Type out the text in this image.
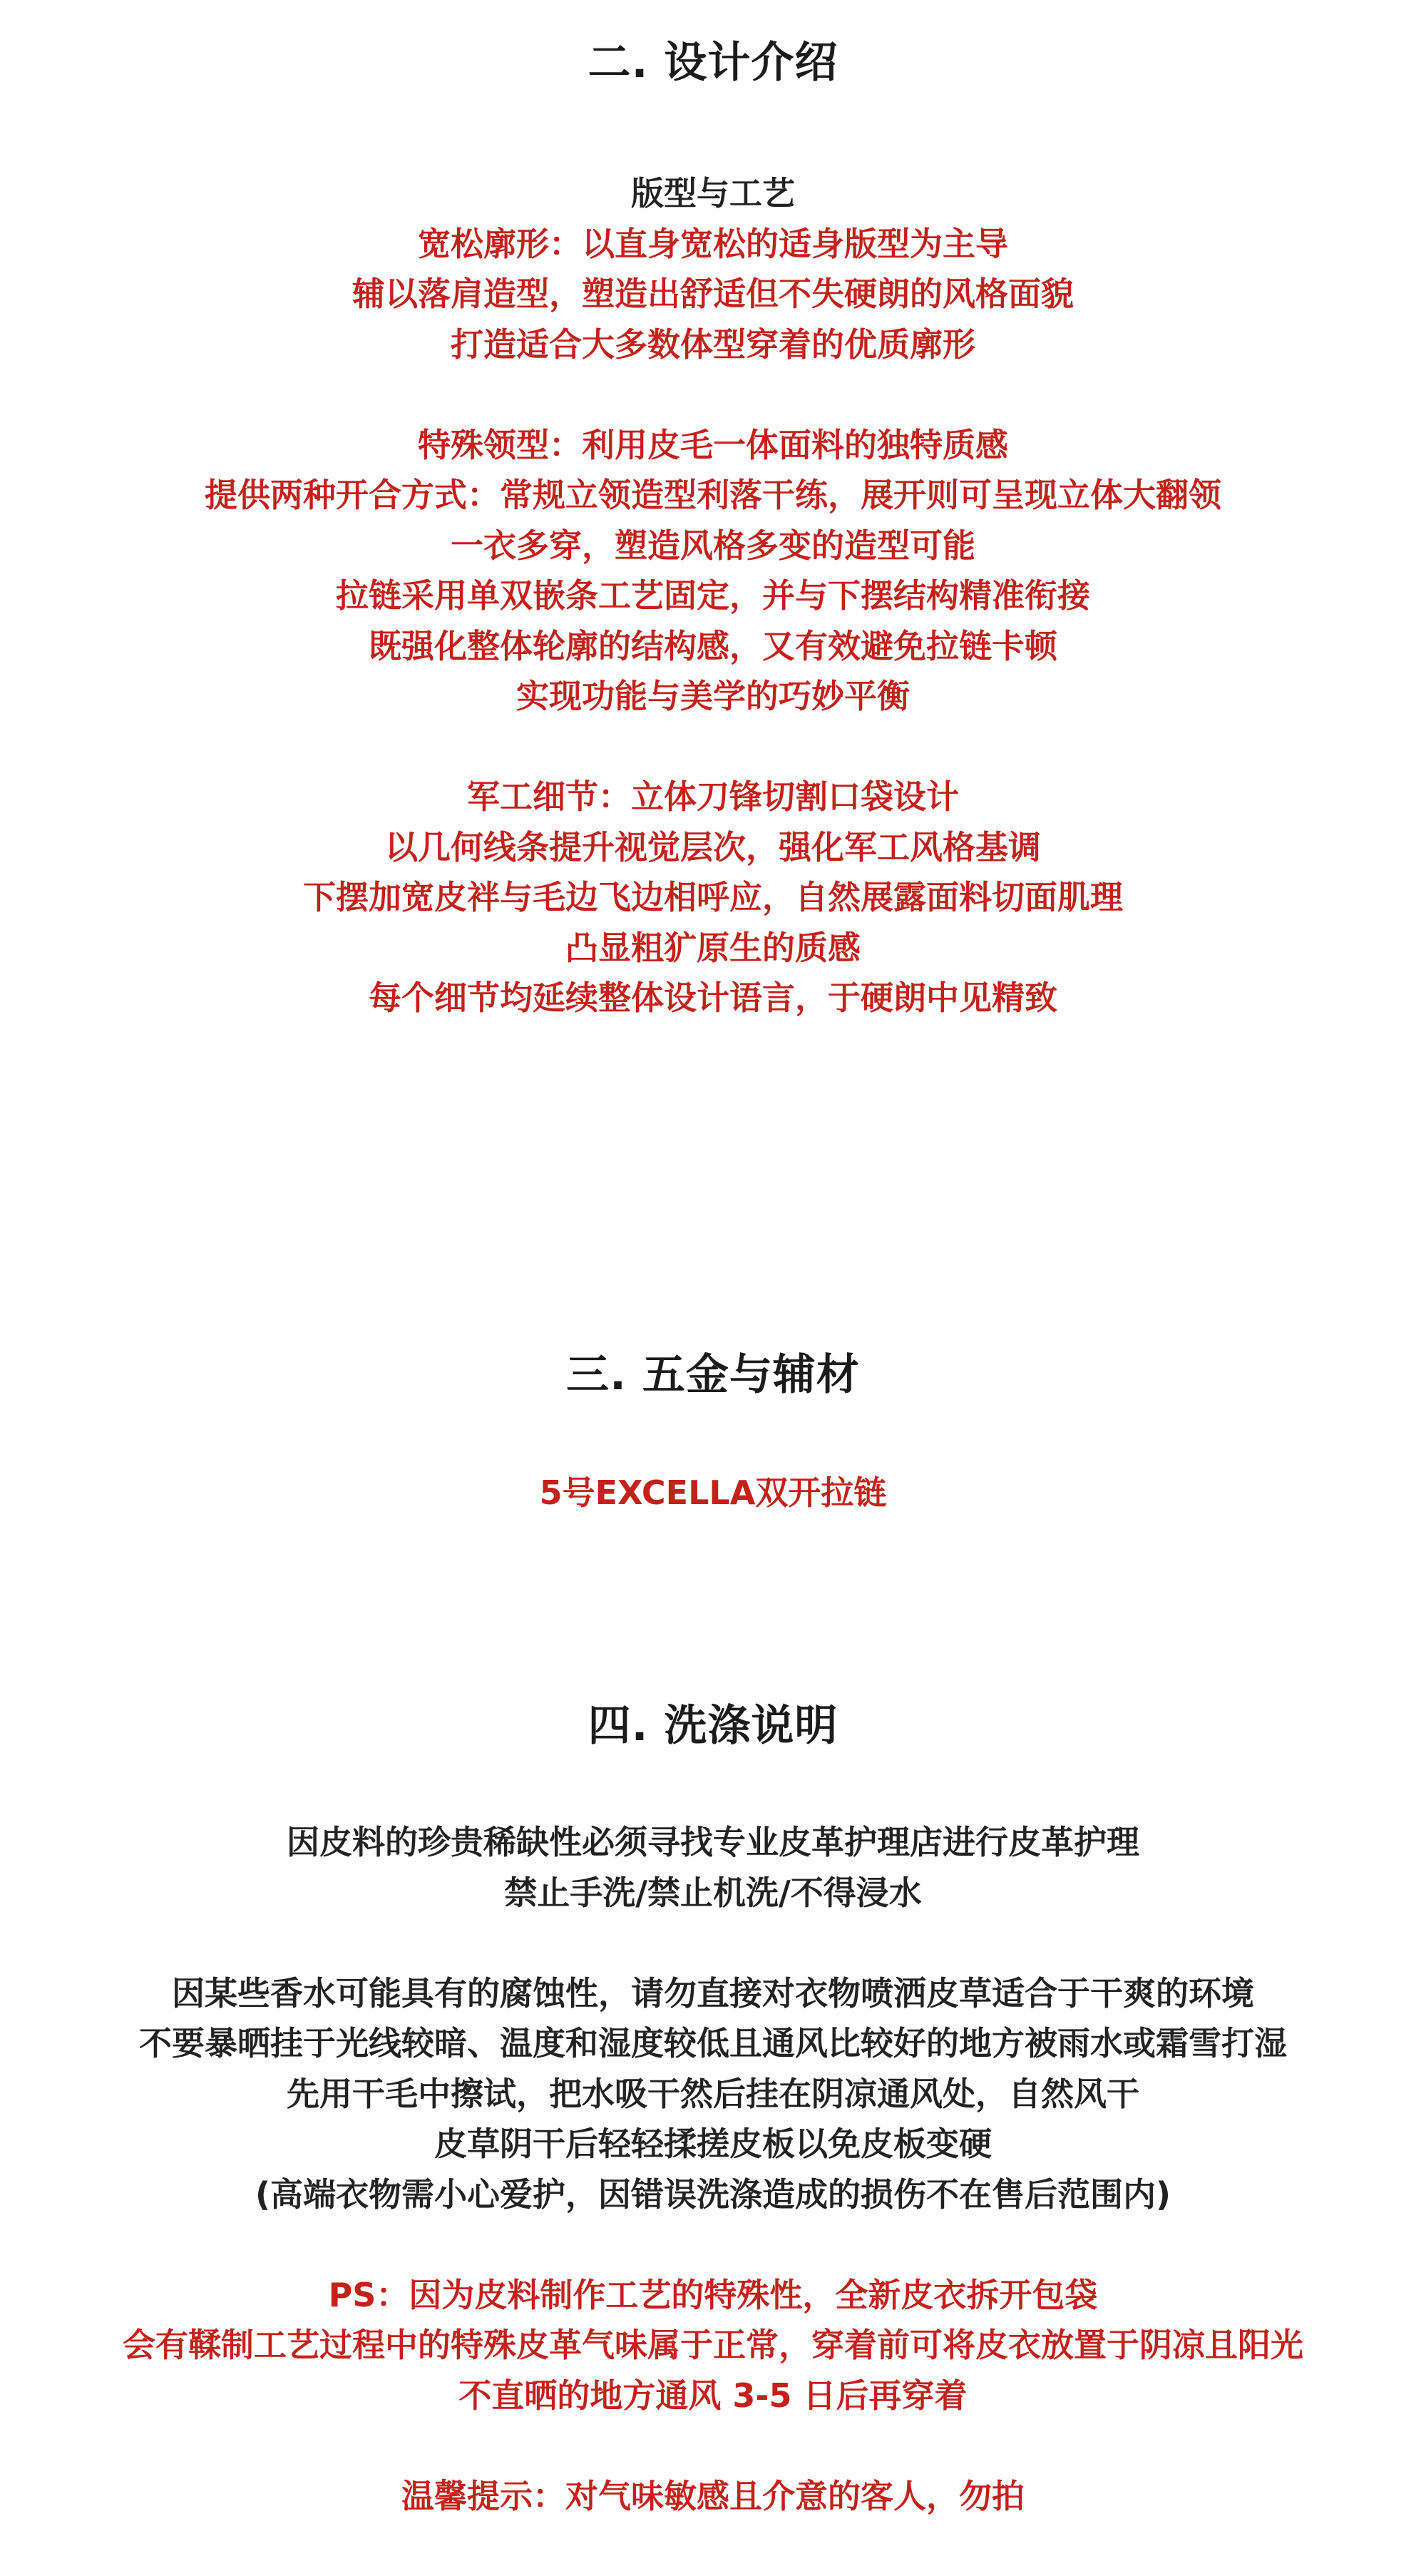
二. 设计介绍
版型与工艺
宽松廓形：以直身宽松的适身版型为主导
辅以落肩造型，塑造出舒适但不失硬朗的风格面貌
打造适合大多数体型穿着的优质廓形
特殊领型：利用皮毛一体面料的独特质感
提供两种开合方式：常规立领造型利落干练，展开则可呈现立体大翻领
一衣多穿，塑造风格多变的造型可能
拉链采用单双嵌条工艺固定，并与下摆结构精准衔接
既强化整体轮廓的结构感，又有效避免拉链卡顿
实现功能与美学的巧妙平衡
军工细节：立体刀锋切割口袋设计
以几何线条提升视觉层次，强化军工风格基调
下摆加宽皮袢与毛边飞边相呼应，自然展露面料切面肌理
凸显粗犷原生的质感
每个细节均延续整体设计语言，于硬朗中见精致
三. 五金与辅材
5号EXCELLA双开拉链
四. 洗涤说明
因皮料的珍贵稀缺性必须寻找专业皮革护理店进行皮革护理
禁止手洗/禁止机洗/不得浸水
因某些香水可能具有的腐蚀性，请勿直接对衣物喷洒皮草适合于干爽的环境
不要暴晒挂于光线较暗、温度和湿度较低且通风比较好的地方被雨水或霜雪打湿
先用干毛中擦试，把水吸干然后挂在阴凉通风处，自然风干
皮草阴干后轻轻揉搓皮板以免皮板变硬
(高端衣物需小心爱护，因错误洗涤造成的损伤不在售后范围内)
PS：因为皮料制作工艺的特殊性，全新皮衣拆开包袋
会有鞣制工艺过程中的特殊皮革气味属于正常，穿着前可将皮衣放置于阴凉且阳光
不直晒的地方通风 3-5 日后再穿着
温馨提示：对气味敏感且介意的客人，勿拍
